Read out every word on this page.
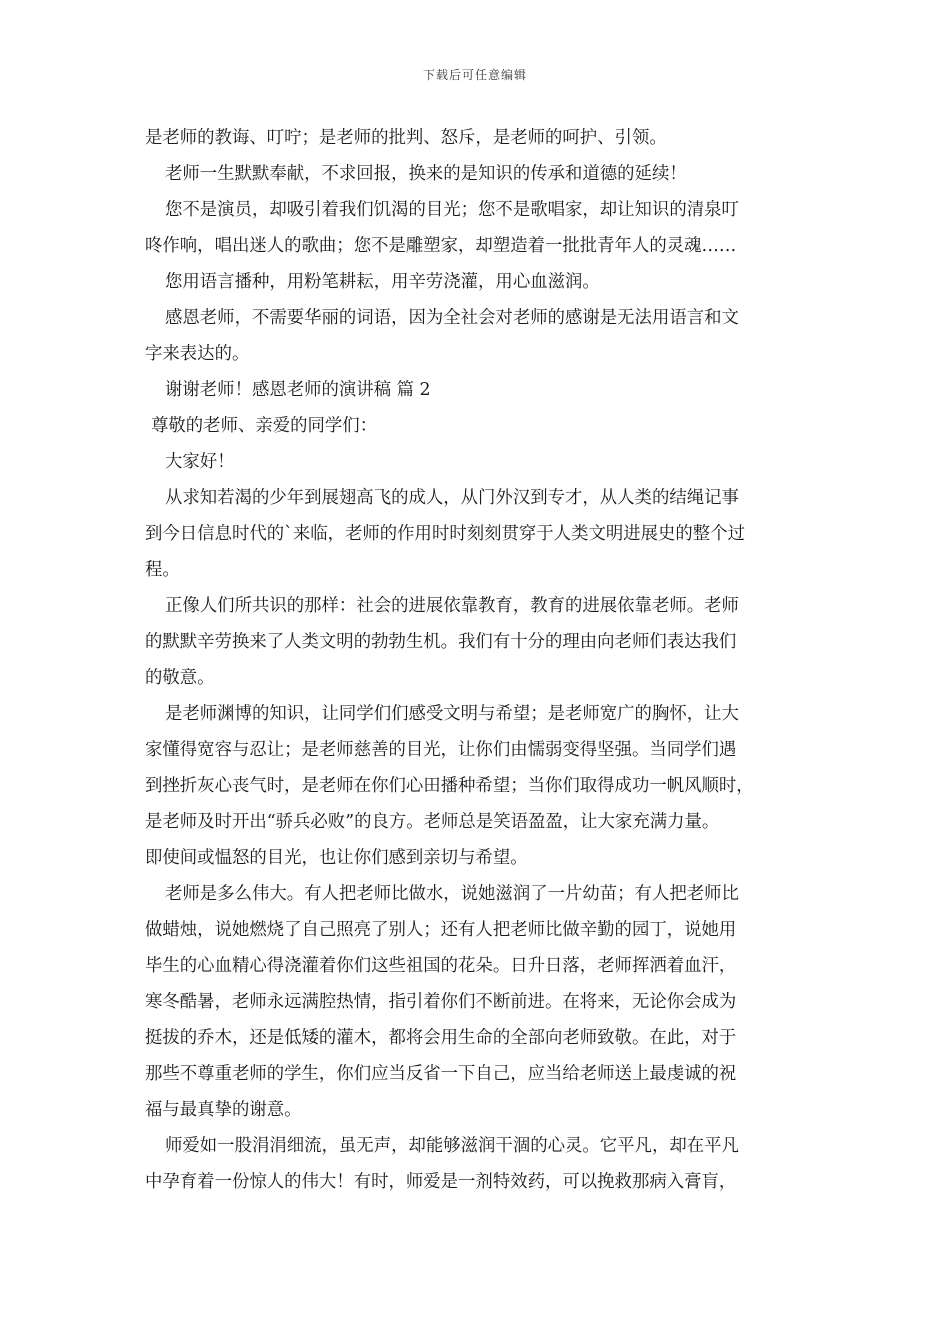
下载后可任意编辑
是老师的教诲、叮咛；是老师的批判、怒斥，是老师的呵护、引领。
老师一生默默奉献，不求回报，换来的是知识的传承和道德的延续！
您不是演员，却吸引着我们饥渴的目光；您不是歌唱家，却让知识的清泉叮
咚作响，唱出迷人的歌曲；您不是雕塑家，却塑造着一批批青年人的灵魂……
您用语言播种，用粉笔耕耘，用辛劳浇灌，用心血滋润。
感恩老师，不需要华丽的词语，因为全社会对老师的感谢是无法用语言和文
字来表达的。
谢谢老师！感恩老师的演讲稿 篇 2
尊敬的老师、亲爱的同学们：
大家好！
从求知若渴的少年到展翅高飞的成人，从门外汉到专才，从人类的结绳记事
到今日信息时代的`来临，老师的作用时时刻刻贯穿于人类文明进展史的整个过
程。
正像人们所共识的那样：社会的进展依靠教育，教育的进展依靠老师。老师
的默默辛劳换来了人类文明的勃勃生机。我们有十分的理由向老师们表达我们
的敬意。
是老师渊博的知识，让同学们们感受文明与希望；是老师宽广的胸怀，让大
家懂得宽容与忍让；是老师慈善的目光，让你们由懦弱变得坚强。当同学们遇
到挫折灰心丧气时，是老师在你们心田播种希望；当你们取得成功一帆风顺时，
是老师及时开出“骄兵必败”的良方。老师总是笑语盈盈，让大家充满力量。
即使间或愠怒的目光，也让你们感到亲切与希望。
老师是多么伟大。有人把老师比做水，说她滋润了一片幼苗；有人把老师比
做蜡烛，说她燃烧了自己照亮了别人；还有人把老师比做辛勤的园丁，说她用
毕生的心血精心得浇灌着你们这些祖国的花朵。日升日落，老师挥洒着血汗，
寒冬酷暑，老师永远满腔热情，指引着你们不断前进。在将来，无论你会成为
挺拔的乔木，还是低矮的灌木，都将会用生命的全部向老师致敬。在此，对于
那些不尊重老师的学生，你们应当反省一下自己，应当给老师送上最虔诚的祝
福与最真挚的谢意。
师爱如一股涓涓细流，虽无声，却能够滋润干涸的心灵。它平凡，却在平凡
中孕育着一份惊人的伟大！有时，师爱是一剂特效药，可以挽救那病入膏肓，
